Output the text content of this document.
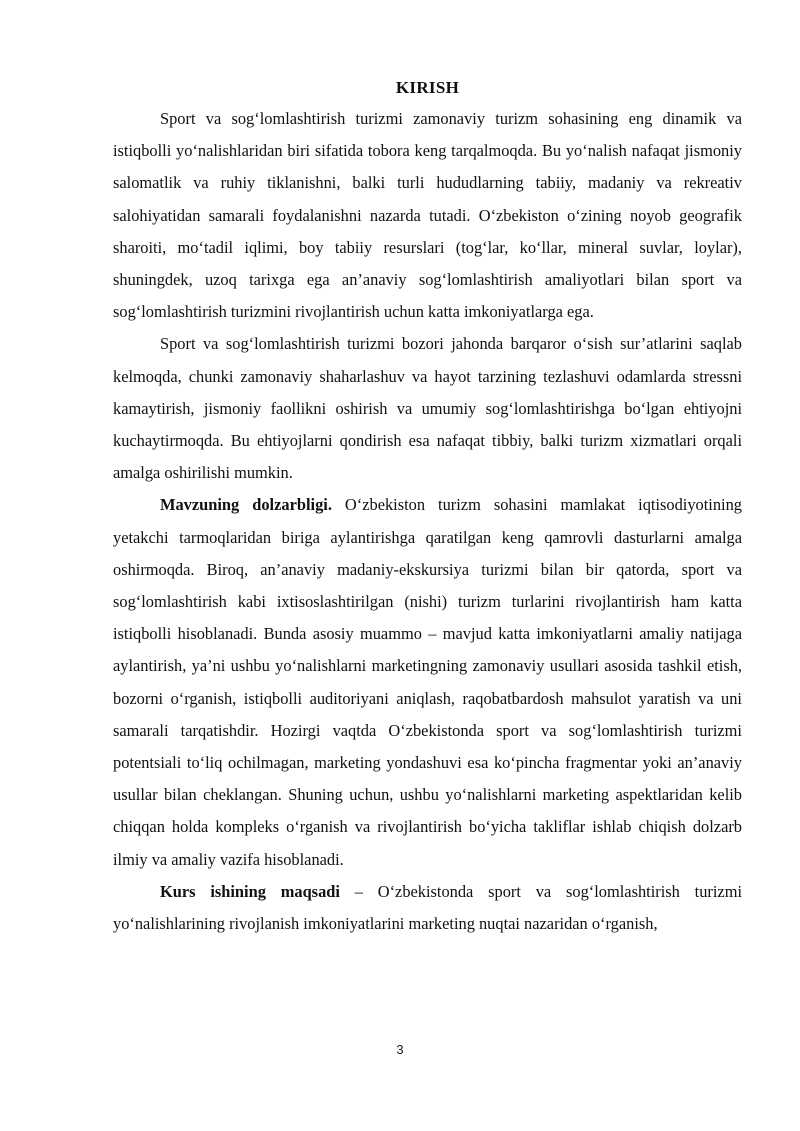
KIRISH

Sport va sog‘lomlashtirish turizmi zamonaviy turizm sohasining eng dinamik va istiqbolli yo‘nalishlaridan biri sifatida tobora keng tarqalmoqda. Bu yo‘nalish nafaqat jismoniy salomatlik va ruhiy tiklanishni, balki turli hududlarning tabiiy, madaniy va rekreativ salohiyatidan samarali foydalanishni nazarda tutadi. O‘zbekiston o‘zining noyob geografik sharoiti, mo‘tadil iqlimi, boy tabiiy resurslari (tog‘lar, ko‘llar, mineral suvlar, loylar), shuningdek, uzoq tarixga ega an’anaviy sog‘lomlashtirish amaliyotlari bilan sport va sog‘lomlashtirish turizmini rivojlantirish uchun katta imkoniyatlarga ega.

Sport va sog‘lomlashtirish turizmi bozori jahonda barqaror o‘sish sur’atlarini saqlab kelmoqda, chunki zamonaviy shaharlashuv va hayot tarzining tezlashuvi odamlarda stressni kamaytirish, jismoniy faollikni oshirish va umumiy sog‘lomlashtirishga bo‘lgan ehtiyojni kuchaytirmoqda. Bu ehtiyojlarni qondirish esa nafaqat tibbiy, balki turizm xizmatlari orqali amalga oshirilishi mumkin.

Mavzuning dolzarbligi. O‘zbekiston turizm sohasini mamlakat iqtisodiyotining yetakchi tarmoqlaridan biriga aylantirishga qaratilgan keng qamrovli dasturlarni amalga oshirmoqda. Biroq, an’anaviy madaniy-ekskursiya turizmi bilan bir qatorda, sport va sog‘lomlashtirish kabi ixtisoslashtirilgan (nishi) turizm turlarini rivojlantirish ham katta istiqbolli hisoblanadi. Bunda asosiy muammo – mavjud katta imkoniyatlarni amaliy natijaga aylantirish, ya’ni ushbu yo‘nalishlarni marketingning zamonaviy usullari asosida tashkil etish, bozorni o‘rganish, istiqbolli auditoriyani aniqlash, raqobatbardosh mahsulot yaratish va uni samarali tarqatishdir. Hozirgi vaqtda O‘zbekistonda sport va sog‘lomlashtirish turizmi potentsiali to‘liq ochilmagan, marketing yondashuvi esa ko‘pincha fragmentar yoki an’anaviy usullar bilan cheklangan. Shuning uchun, ushbu yo‘nalishlarni marketing aspektlaridan kelib chiqqan holda kompleks o‘rganish va rivojlantirish bo‘yicha takliflar ishlab chiqish dolzarb ilmiy va amaliy vazifa hisoblanadi.

Kurs ishining maqsadi – O‘zbekistonda sport va sog‘lomlashtirish turizmi yo‘nalishlarining rivojlanish imkoniyatlarini marketing nuqtai nazaridan o‘rganish,

3
